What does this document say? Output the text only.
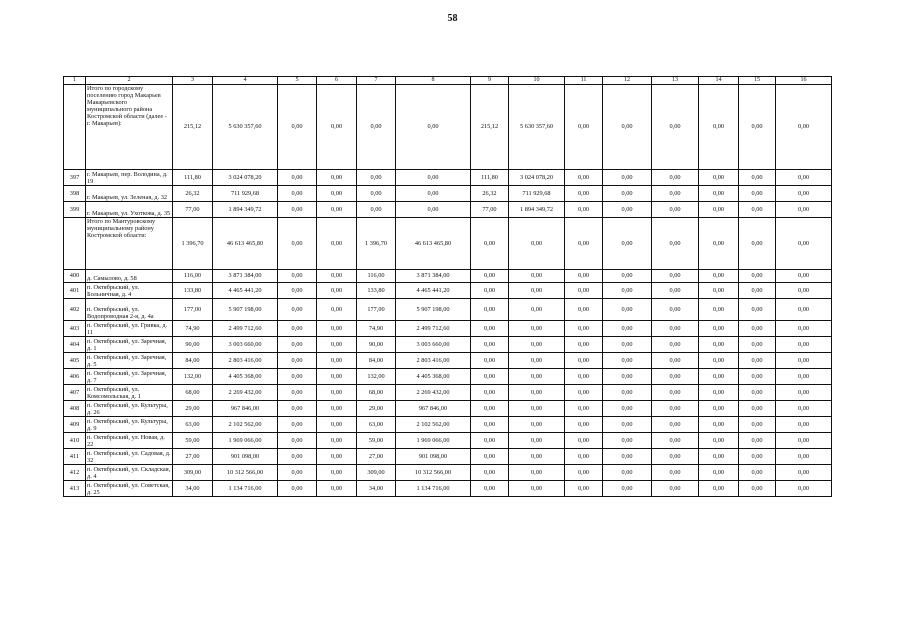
58
1	2	3	4	5	6	7	8	9	10	11	12	13	14	15	16
	Итого по городскому поселению город Макарьев Макарьевского муниципального района Костромской области (далее - г. Макарьев):	215,12	5 630 357,60	0,00	0,00	0,00	0,00	215,12	5 630 357,60	0,00	0,00	0,00	0,00	0,00	0,00
397	г. Макарьев, пер. Володина, д. 19	111,80	3 024 078,20	0,00	0,00	0,00	0,00	111,80	3 024 078,20	0,00	0,00	0,00	0,00	0,00	0,00
398	г. Макарьев, ул. Зеленая, д. 32	26,32	711 929,68	0,00	0,00	0,00	0,00	26,32	711 929,68	0,00	0,00	0,00	0,00	0,00	0,00
399	г. Макарьев, ул. Ухоткова, д. 35	77,00	1 894 349,72	0,00	0,00	0,00	0,00	77,00	1 894 349,72	0,00	0,00	0,00	0,00	0,00	0,00
	Итого по Мантуровскому муниципальному району Костромской области:	1 396,70	46 613 465,80	0,00	0,00	1 396,70	46 613 465,80	0,00	0,00	0,00	0,00	0,00	0,00	0,00	0,00
400	д. Самылово, д. 58	116,00	3 871 384,00	0,00	0,00	116,00	3 871 384,00	0,00	0,00	0,00	0,00	0,00	0,00	0,00	0,00
401	п. Октябрьский, ул. Больничная, д. 4	133,80	4 465 441,20	0,00	0,00	133,80	4 465 441,20	0,00	0,00	0,00	0,00	0,00	0,00	0,00	0,00
402	п. Октябрьский, ул. Водопроводная 2-я, д. 4а	177,00	5 907 198,00	0,00	0,00	177,00	5 907 198,00	0,00	0,00	0,00	0,00	0,00	0,00	0,00	0,00
403	п. Октябрьский, ул. Гривка, д. 11	74,90	2 499 712,60	0,00	0,00	74,90	2 499 712,60	0,00	0,00	0,00	0,00	0,00	0,00	0,00	0,00
404	п. Октябрьский, ул. Заречная, д. 1	90,00	3 003 660,00	0,00	0,00	90,00	3 003 660,00	0,00	0,00	0,00	0,00	0,00	0,00	0,00	0,00
405	п. Октябрьский, ул. Заречная, д. 5	84,00	2 803 416,00	0,00	0,00	84,00	2 803 416,00	0,00	0,00	0,00	0,00	0,00	0,00	0,00	0,00
406	п. Октябрьский, ул. Заречная, д. 7	132,00	4 405 368,00	0,00	0,00	132,00	4 405 368,00	0,00	0,00	0,00	0,00	0,00	0,00	0,00	0,00
407	п. Октябрьский, ул. Комсомольская, д. 1	68,00	2 269 432,00	0,00	0,00	68,00	2 269 432,00	0,00	0,00	0,00	0,00	0,00	0,00	0,00	0,00
408	п. Октябрьский, ул. Культуры, д. 26	29,00	967 846,00	0,00	0,00	29,00	967 846,00	0,00	0,00	0,00	0,00	0,00	0,00	0,00	0,00
409	п. Октябрьский, ул. Культуры, д. 9	63,00	2 102 562,00	0,00	0,00	63,00	2 102 562,00	0,00	0,00	0,00	0,00	0,00	0,00	0,00	0,00
410	п. Октябрьский, ул. Новая, д. 22	59,00	1 969 066,00	0,00	0,00	59,00	1 969 066,00	0,00	0,00	0,00	0,00	0,00	0,00	0,00	0,00
411	п. Октябрьский, ул. Садовая, д. 32	27,00	901 098,00	0,00	0,00	27,00	901 098,00	0,00	0,00	0,00	0,00	0,00	0,00	0,00	0,00
412	п. Октябрьский, ул. Складская, д. 4	309,00	10 312 566,00	0,00	0,00	309,00	10 312 566,00	0,00	0,00	0,00	0,00	0,00	0,00	0,00	0,00
413	п. Октябрьский, ул. Советская, д. 25	34,00	1 134 716,00	0,00	0,00	34,00	1 134 716,00	0,00	0,00	0,00	0,00	0,00	0,00	0,00	0,00
